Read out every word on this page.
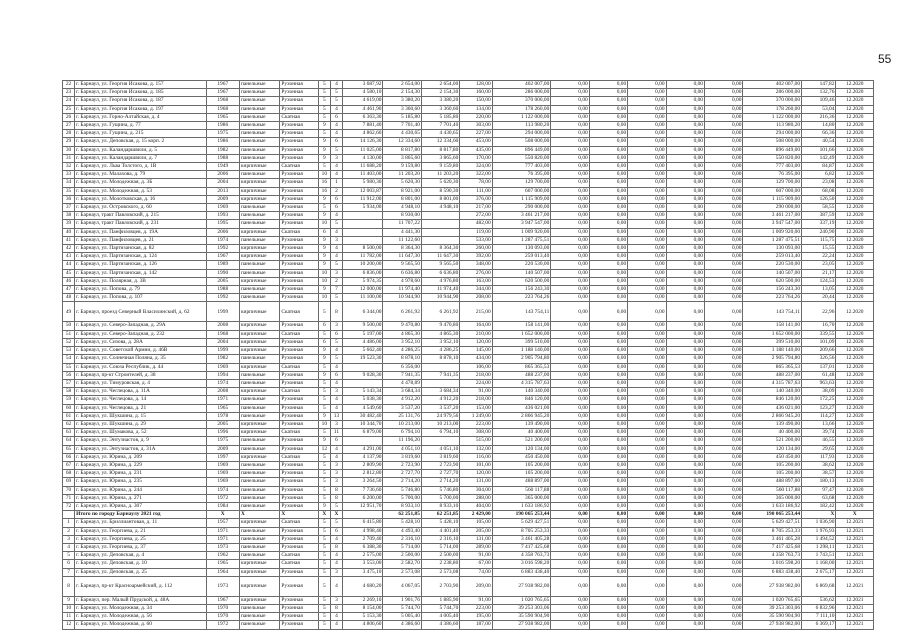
55
22	г. Барнаул, ул. Георгия Исакова, д. 157	1967	панельные	Рухонная	5	4	3 687,92	2 654,00	2 654,00	128,00	402 007,00	0,00	0,00	0,00	0,00	0,00	402 007,00	147,82	12.2020
23	г. Барнаул, ул. Георгия Исакова, д. 185	1967	панельные	Рухонная	5	5	4 580,10	2 154,30	2 154,30	160,00	286 000,00	0,00	0,00	0,00	0,00	0,00	286 000,00	132,76	12.2020
24	г. Барнаул, ул. Георгия Исакова, д. 187	1968	панельные	Рухонная	5	5	4 619,00	3 380,20	3 380,20	150,00	370 000,00	0,00	0,00	0,00	0,00	0,00	370 000,00	109,46	12.2020
25	г. Барнаул, ул. Георгия Исакова, д. 197	1968	панельные	Рухонная	5	4	4 461,90	3 360,60	3 360,60	134,00	178 260,00	0,00	0,00	0,00	0,00	0,00	178 260,00	53,04	12.2020
26	г. Барнаул, ул. Горно-Алтайская, д. 4	1965	панельные	Скатная	5	6	6 363,30	5 185,80	5 185,80	220,00	1 122 000,00	0,00	0,00	0,00	0,00	0,00	1 122 000,00	216,36	12.2020
27	г. Барнаул, ул. Гущина, д. 77	1986	панельные	Рухонная	9	4	7 881,40	7 701,40	7 701,40	303,00	113 980,20	0,00	0,00	0,00	0,00	0,00	113 980,20	14,80	12.2020
28	г. Барнаул, ул. Гущина, д. 215	1975	панельные	Рухонная	5	4	4 862,60	4 430,65	4 430,65	227,00	294 000,00	0,00	0,00	0,00	0,00	0,00	294 000,00	66,36	12.2020
29	г. Барнаул, ул. Деповская, д. 15 корп. 2	1986	панельные	Рухонная	9	6	14 126,30	12 334,60	12 334,60	453,00	508 000,00	0,00	0,00	0,00	0,00	0,00	508 000,00	40,54	12.2020
30	г. Барнаул, ул. Каландаршвили, д. 5	1982	панельные	Рухонная	9	5	11 025,00	8 817,80	8 817,80	435,00	896 449,00	0,00	0,00	0,00	0,00	0,00	896 449,00	101,66	12.2020
31	г. Барнаул, ул. Каландаршвили, д. 7	1988	панельные	Рухонная	9	3	4 130,00	3 865,60	3 865,60	170,00	550 820,00	0,00	0,00	0,00	0,00	0,00	550 820,00	142,49	12.2020
32	г. Барнаул, ул. Льва Толстого, д. 1В	1949	кирпичные	Скатная	5	4	11 688,20	9 159,80	9 159,80	324,00	777 403,00	0,00	0,00	0,00	0,00	0,00	777 403,00	84,87	12.2020
33	г. Барнаул, ул. Малахова, д. 79	2006	панельные	Рухонная	10	4	11 403,00	11 203,20	11 203,20	322,00	76 395,00	0,00	0,00	0,00	0,00	0,00	76 395,00	6,82	12.2020
34	г. Барнаул, ул. Молодежная, д. 3Б	2004	кирпичные	Рухонная	16	1	5 980,30	5 620,30	5 620,30	78,00	129 700,00	0,00	0,00	0,00	0,00	0,00	129 700,00	23,08	12.2020
35	г. Барнаул, ул. Молодежная, д. 53	2013	кирпичные	Рухонная	16	2	12 003,87	8 921,00	8 590,30	111,00	607 000,00	0,00	0,00	0,00	0,00	0,00	607 000,00	68,08	12.2020
36	г. Барнаул, ул. Молотковская, д. 16	2009	кирпичные	Рухонная	9	6	11 912,00	8 801,00	8 801,00	376,00	1 115 909,00	0,00	0,00	0,00	0,00	0,00	1 115 909,00	126,50	12.2020
37	г. Барнаул, ул. Островского, д. 60	1969	панельные	Рухонная	5	6	5 934,00	4 948,10	4 948,10	217,00	290 000,00	0,00	0,00	0,00	0,00	0,00	290 000,00	58,55	12.2020
38	г. Барнаул, тракт Павловский, д. 215	1993	панельные	Рухонная	9	4		8 930,00		272,00	3 461 217,00	0,00	0,00	0,00	0,00	0,00	3 461 217,00	387,59	12.2020
39	г. Барнаул, тракт Павловский, д. 231	1995	панельные	Рухонная	10	5		11 707,22		482,00	3 947 547,00	0,00	0,00	0,00	0,00	0,00	3 947 547,00	337,19	12.2020
40	г. Барнаул, ул. Панфиловцев, д. 19А	2006	кирпичные	Скатная	6	4		4 441,30		119,00	1 009 920,00	0,00	0,00	0,00	0,00	0,00	1 009 920,00	240,90	12.2020
41	г. Барнаул, ул. Панфиловцев, д. 21	1974	панельные	Рухонная	9	3		11 122,60		533,00	1 287 475,51	0,00	0,00	0,00	0,00	0,00	1 287 475,51	115,75	12.2020
42	г. Барнаул, ул. Партизанская, д. 82	1992	кирпичные	Рухонная	9	4	8 500,00	8 364,30	8 364,30	260,00	130 093,00	0,00	0,00	0,00	0,00	0,00	130 093,00	15,55	12.2020
43	г. Барнаул, ул. Партизанская, д. 124	1967	кирпичные	Рухонная	9	4	11 782,00	11 647,30	11 647,30	392,00	259 013,40	0,00	0,00	0,00	0,00	0,00	259 013,40	22,24	12.2020
44	г. Барнаул, ул. Партизанская, д. 126	1989	панельные	Рухонная	9	5	10 200,00	9 565,50	9 565,50	348,00	220 530,00	0,00	0,00	0,00	0,00	0,00	220 530,00	23,05	12.2020
45	г. Барнаул, ул. Партизанская, д. 142	1990	панельные	Рухонная	10	3	6 836,00	6 636,80	6 636,80	276,00	140 507,00	0,00	0,00	0,00	0,00	0,00	140 507,00	21,17	12.2020
46	г. Барнаул, ул. Полярная, д. 3В	2005	кирпичные	Рухонная	10	2	5 974,35	4 978,60	4 976,80	163,00	620 500,00	0,00	0,00	0,00	0,00	0,00	620 500,00	124,53	12.2020
47	г. Барнаул, ул. Попова, д. 79	1988	панельные	Рухонная	9	7	12 000,00	11 974,40	11 974,40	344,00	156 243,30	0,00	0,00	0,00	0,00	0,00	156 243,30	13,05	12.2020
48	г. Барнаул, ул. Попова, д. 107	1992	панельные	Рухонная	10	5	11 100,00	10 944,90	10 944,90	208,00	223 764,26	0,00	0,00	0,00	0,00	0,00	223 764,26	20,44	12.2020
49	г. Барнаул, проезд Северный Власихинский, д. 62	1999	кирпичные	Скатная	5	8	6 344,00	6 261,92	6 261,92	215,00	143 754,11	0,00	0,00	0,00	0,00	0,00	143 754,11	22,96	12.2020
50	г. Барнаул, ул. Северо-Западная, д. 29А	2008	кирпичные	Рухонная	6	3	9 500,00	9 470,80	9 470,80	164,00	158 141,00	0,00	0,00	0,00	0,00	0,00	158 141,00	16,70	12.2020
51	г. Барнаул, ул. Северо-Западная, д. 232	1968	кирпичные	Скатная	5	6	5 197,00	4 865,30	4 865,30	210,00	1 652 000,00	0,00	0,00	0,00	0,00	0,00	1 652 000,00	339,55	12.2020
52	г. Барнаул, ул. Сизова, д. 28А	2004	кирпичные	Рухонная	6	5	4 486,00	3 952,10	3 952,10	120,00	399 510,00	0,00	0,00	0,00	0,00	0,00	399 510,00	101,09	12.2020
53	г. Барнаул, ул. Советской Армии, д. 46В	1999	кирпичные	Рухонная	9	4	5 662,40	4 286,25	4 286,25	145,00	1 188 140,00	0,00	0,00	0,00	0,00	0,00	1 188 140,00	209,66	12.2020
54	г. Барнаул, ул. Солнечная Поляна, д. 35	1982	панельные	Рухонная	9	5	19 523,30	8 878,10	8 878,10	434,00	2 905 794,80	0,00	0,00	0,00	0,00	0,00	2 905 794,80	326,56	12.2020
55	г. Барнаул, ул. Союза Республик, д. 44	1969	кирпичные	Скатная	5	4		6 356,00		106,00	865 365,53	0,00	0,00	0,00	0,00	0,00	865 365,53	137,01	12.2020
56	г. Барнаул, пр-кт Строителей, д. 38	1994	панельные	Рухонная	9	6	9 028,30	7 941,35	7 941,35	218,00	488 237,00	0,00	0,00	0,00	0,00	0,00	488 237,00	61,48	12.2020
57	г. Барнаул, ул. Тимуровская, д. 4	1974	панельные	Рухонная	5	4		4 478,89		224,00	4 315 787,63	0,00	0,00	0,00	0,00	0,00	4 315 787,63	963,63	12.2020
58	г. Барнаул, ул. Чеглецова, д. 11А	2008	кирпичные	Скатная	5	3	5 143,34	3 684,34	3 684,34	91,00	140 340,00	0,00	0,00	0,00	0,00	0,00	140 340,00	38,09	12.2020
59	г. Барнаул, ул. Чеглецова, д. 14	1971	панельные	Рухонная	5	4	5 038,30	4 912,20	4 912,20	218,00	846 120,00	0,00	0,00	0,00	0,00	0,00	846 120,00	172,25	12.2020
60	г. Барнаул, ул. Чеглецова, д. 21	1965	панельные	Рухонная	5	4	4 549,60	3 537,20	3 537,20	153,00	436 021,00	0,00	0,00	0,00	0,00	0,00	436 021,00	123,27	12.2020
61	г. Барнаул, ул. Шукшина, д. 15	1978	панельные	Рухонная	9	13	30 482,40	25 131,76	24 979,56	1 249,00	2 866 945,20	0,00	0,00	0,00	0,00	0,00	2 866 945,20	114,27	12.2020
62	г. Барнаул, ул. Шукшина, д. 29	2005	кирпичные	Рухонная	10	3	10 344,70	10 213,00	10 213,00	223,00	139 490,00	0,00	0,00	0,00	0,00	0,00	139 490,00	13,66	12.2020
63	г. Барнаул, ул. Шумакова, д. 52	1996	кирпичные	Скатная	5	11	6 879,00	6 794,10	6 794,10	308,00	40 400,00	0,00	0,00	0,00	0,00	0,00	40 400,00	39,74	12.2020
64	г. Барнаул, ул. Энтузиастов, д. 9	1975	панельные	Рухонная	9	6		11 196,20		515,00	521 200,00	0,00	0,00	0,00	0,00	0,00	521 200,00	46,55	12.2020
65	г. Барнаул, ул. Энтузиастов, д. 31А	2009	панельные	Рухонная	12	4	4 291,00	4 051,10	4 051,10	132,00	120 134,00	0,00	0,00	0,00	0,00	0,00	120 134,00	29,65	12.2020
66	г. Барнаул, ул. Юрина, д. 209	1997	кирпичные	Скатная	5	4	4 137,90	3 819,60	3 819,60	116,00	450 450,00	0,00	0,00	0,00	0,00	0,00	450 450,00	117,93	12.2020
67	г. Барнаул, ул. Юрина, д. 229	1969	панельные	Рухонная	5	3	2 809,90	2 723,90	2 723,90	101,00	105 200,00	0,00	0,00	0,00	0,00	0,00	105 200,00	38,62	12.2020
68	г. Барнаул, ул. Юрина, д. 231	1969	панельные	Рухонная	5	3	2 812,80	2 727,70	2 727,70	120,00	105 200,00	0,00	0,00	0,00	0,00	0,00	105 200,00	38,57	12.2020
69	г. Барнаул, ул. Юрина, д. 235	1969	панельные	Рухонная	5	3	3 264,50	2 714,20	2 714,20	131,00	488 897,00	0,00	0,00	0,00	0,00	0,00	488 897,00	180,13	12.2020
70	г. Барнаул, ул. Юрина, д. 244	1974	панельные	Рухонная	5	8	7 736,60	5 746,80	5 746,80	304,00	560 117,88	0,00	0,00	0,00	0,00	0,00	560 117,88	97,47	12.2020
71	г. Барнаул, ул. Юрина, д. 271	1972	панельные	Рухонная	5	8	6 200,00	5 700,00	5 700,00	288,00	365 000,00	0,00	0,00	0,00	0,00	0,00	365 000,00	63,68	12.2020
72	г. Барнаул, ул. Юрина, д. 307	1984	панельные	Рухонная	9	5	12 951,70	8 933,10	8 933,10	404,00	1 633 186,92	0,00	0,00	0,00	0,00	0,00	1 633 186,92	182,42	12.2020
	Итого по городу Барнаулу 2021 год	X	X	X	X	X		62 251,85	62 251,85	2 429,00	190 065 253,44	0,00	0,00	0,00	0,00	0,00	190 065 253,44	X	X
1	г. Барнаул, ул. Бриллиантовая, д. 11	1957	кирпичные	Скатная	5	5	6 415,80	5 428,10	5 428,10	105,00	5 629 427,51	0,00	0,00	0,00	0,00	0,00	5 629 427,51	1 036,90	12.2021
2	г. Барнаул, ул. Георгиева, д. 21	1971	панельные	Рухонная	5	6	4 998,40	4 493,40	4 401,40	205,00	8 705 253,33	0,00	0,00	0,00	0,00	0,00	8 705 253,33	1 976,93	12.2021
3	г. Барнаул, ул. Георгиева, д. 25	1971	панельные	Рухонная	5	4	2 709,40	2 316,10	2 316,10	131,00	3 461 405,28	0,00	0,00	0,00	0,00	0,00	3 461 405,28	1 494,52	12.2021
4	г. Барнаул, ул. Георгиева, д. 37	1973	панельные	Рухонная	5	8	6 388,30	5 714,00	5 714,00	289,00	7 417 425,68	0,00	0,00	0,00	0,00	0,00	7 417 425,68	1 298,11	12.2021
5	г. Барнаул, ул. Деповская, д. 4	1962	панельные	Скатная	5	4	2 575,00	2 500,00	2 500,00	91,00	4 358 763,73	0,00	0,00	0,00	0,00	0,00	4 358 763,73	1 743,51	12.2021
6	г. Барнаул, ул. Деповская, д. 10	1965	кирпичные	Скатная	5	4	3 553,00	2 582,70	2 238,80	67,00	3 016 598,20	0,00	0,00	0,00	0,00	0,00	3 016 598,20	1 168,00	12.2021
7	г. Барнаул, ул. Деповская, д. 25	1964	кирпичные	Рухонная	5	3	3 475,10	2 573,08	2 573,08	74,00	6 883 438,40	0,00	0,00	0,00	0,00	0,00	6 883 438,40	2 675,17	12.2021
8	г. Барнаул, пр-кт Красноармейский, д. 112	1973	кирпичные	Рухонная	5	4	4 680,20	4 067,05	2 703,90	209,00	27 938 982,00	0,00	0,00	0,00	0,00	0,00	27 938 982,00	6 869,68	12.2021
9	г. Барнаул, пер. Малый Прудской, д. 48А	1967	кирпичные	Рухонная	5	3	2 269,10	1 901,76	1 885,90	91,00	1 020 765,65	0,00	0,00	0,00	0,00	0,00	1 020 765,65	536,62	12.2021
10	г. Барнаул, ул. Молодежная, д. 34	1970	панельные	Рухонная	5	8	8 154,00	5 744,70	5 744,70	223,00	39 253 303,06	0,00	0,00	0,00	0,00	0,00	39 253 303,06	6 832,96	12.2021
11	г. Барнаул, ул. Молодежная, д. 56	1970	панельные	Рухонная	5	4	5 153,30	5 005,40	4 005,40	195,00	35 590 904,90	0,00	0,00	0,00	0,00	0,00	35 590 904,90	7 111,10	12.2021
12	г. Барнаул, ул. Молодежная, д. 60	1972	панельные	Рухонная	5	4	4 806,60	4 386,60	4 386,60	187,00	27 938 982,00	0,00	0,00	0,00	0,00	0,00	27 938 982,00	6 369,17	12.2021
